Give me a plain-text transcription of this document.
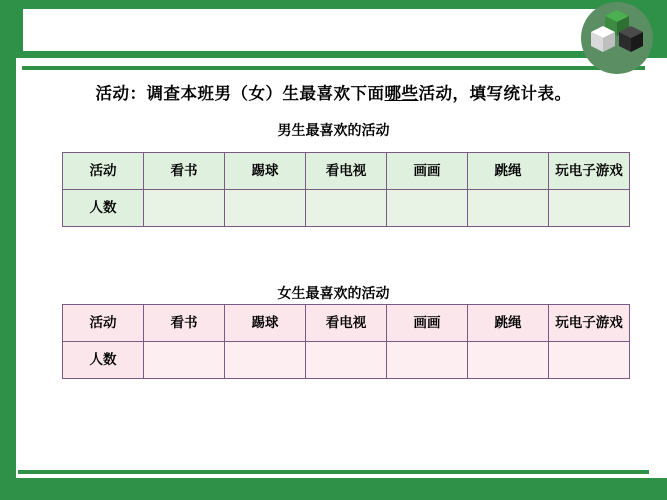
活动：调查本班男（女）生最喜欢下面哪些活动，填写统计表。
男生最喜欢的活动
活动	看书	踢球	看电视	画画	跳绳	玩电子游戏
人数						
女生最喜欢的活动
活动	看书	踢球	看电视	画画	跳绳	玩电子游戏
人数						
